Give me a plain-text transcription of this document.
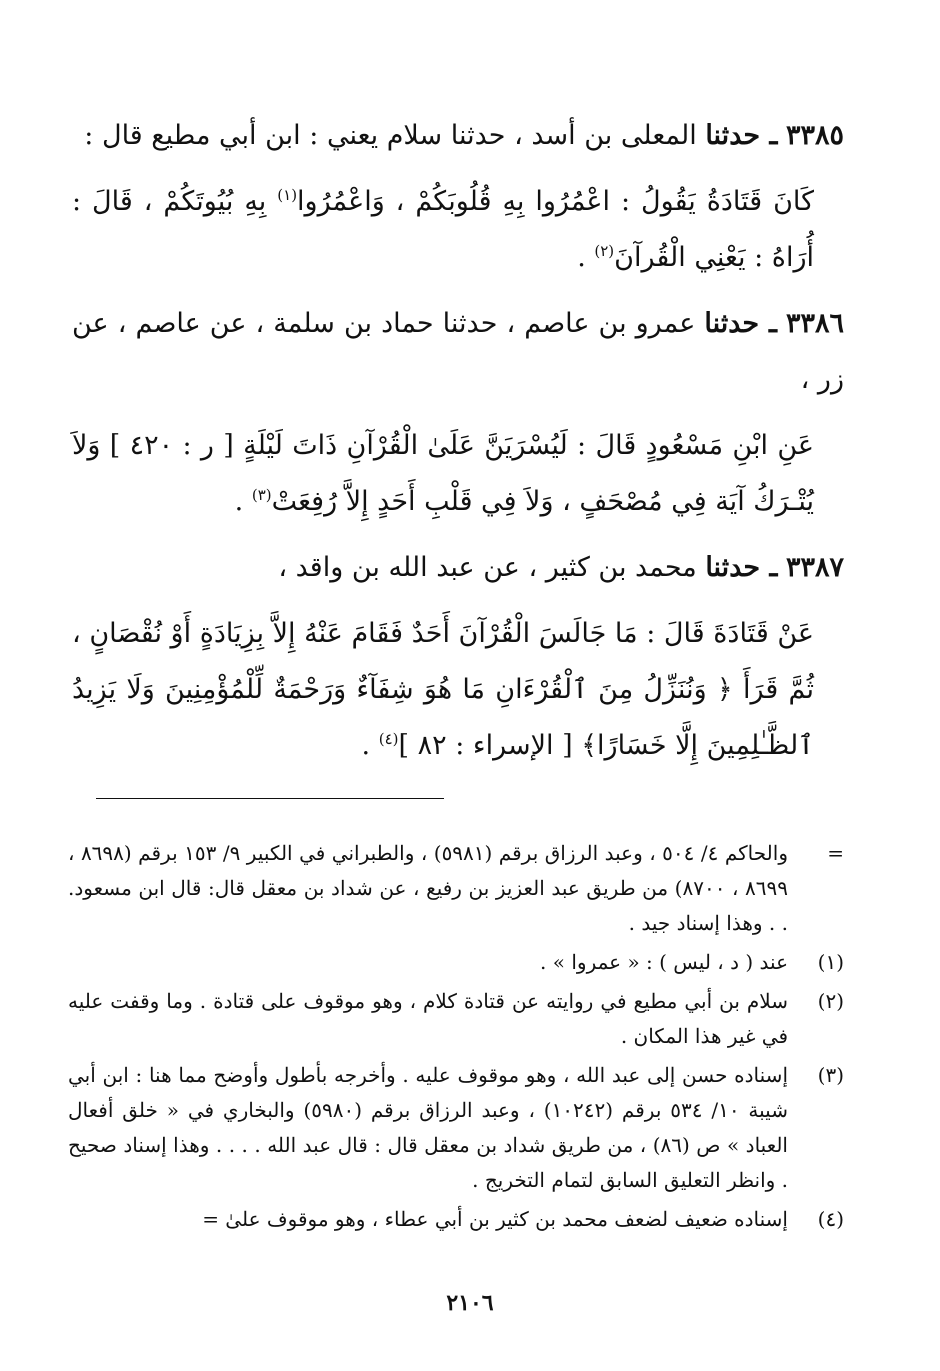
٣٣٨٥ ـ حدثنا المعلى بن أسد ، حدثنا سلام يعني : ابن أبي مطيع قال :

كَانَ قَتَادَةُ يَقُولُ : اعْمُرُوا بِهِ قُلُوبَكُمْ ، وَاعْمُرُوا$^{(١)}$ بِهِ بُيُوتَكُمْ ، قَالَ : أُرَاهُ : يَعْنِي الْقُرآنَ$^{(٢)}$ .

٣٣٨٦ ـ حدثنا عمرو بن عاصم ، حدثنا حماد بن سلمة ، عن عاصم ، عن زر ،

عَنِ ابْنِ مَسْعُودٍ قَالَ : لَيُسْرَيَنَّ عَلَىٰ الْقُرْآنِ ذَاتَ لَيْلَةٍ [ ر : ٤٢٠ ] وَلاَ يُتْـرَكُ آيَة فِي مُصْحَفٍ ، وَلاَ فِي قَلْبِ أَحَدٍ إِلاَّ رُفِعَتْ$^{(٣)}$ .

٣٣٨٧ ـ حدثنا محمد بن كثير ، عن عبد الله بن واقد ،

عَنْ قَتَادَةَ قَالَ : مَا جَالَسَ الْقُرْآنَ أَحَدٌ فَقَامَ عَنْهُ إِلاَّ بِزِيَادَةٍ أَوْ نُقْصَانٍ ، ثُمَّ قَرَأَ ﴿ وَنُنَزِّلُ مِنَ ٱلْقُرْءَانِ مَا هُوَ شِفَآءٌ وَرَحْمَةٌ لِّلْمُؤْمِنِينَ وَلَا يَزِيدُ ٱلظَّـٰلِمِينَ إِلَّا خَسَارًا﴾ [ الإسراء : ٨٢ ]$^{(٤)}$ .

=
والحاكم ٤/ ٥٠٤ ، وعبد الرزاق برقم (٥٩٨١) ، والطبراني في الكبير ٩/ ١٥٣ برقم (٨٦٩٨ ، ٨٦٩٩ ، ٨٧٠٠) من طريق عبد العزيز بن رفيع ، عن شداد بن معقل قال: قال ابن مسعود. . . وهذا إسناد جيد .
(١)
عند ( د ، ليس ) : « عمروا » .
(٢)
سلام بن أبي مطيع في روايته عن قتادة كلام ، وهو موقوف على قتادة . وما وقفت عليه في غير هذا المكان .
(٣)
إسناده حسن إلى عبد الله ، وهو موقوف عليه . وأخرجه بأطول وأوضح مما هنا : ابن أبي شيبة ١٠/ ٥٣٤ برقم (١٠٢٤٢) ، وعبد الرزاق برقم (٥٩٨٠) والبخاري في « خلق أفعال العباد » ص (٨٦) ، من طريق شداد بن معقل قال : قال عبد الله . . . . وهذا إسناد صحيح . وانظر التعليق السابق لتمام التخريج .
(٤)
إسناده ضعيف لضعف محمد بن كثير بن أبي عطاء ، وهو موقوف علىٰ =
٢١٠٦
